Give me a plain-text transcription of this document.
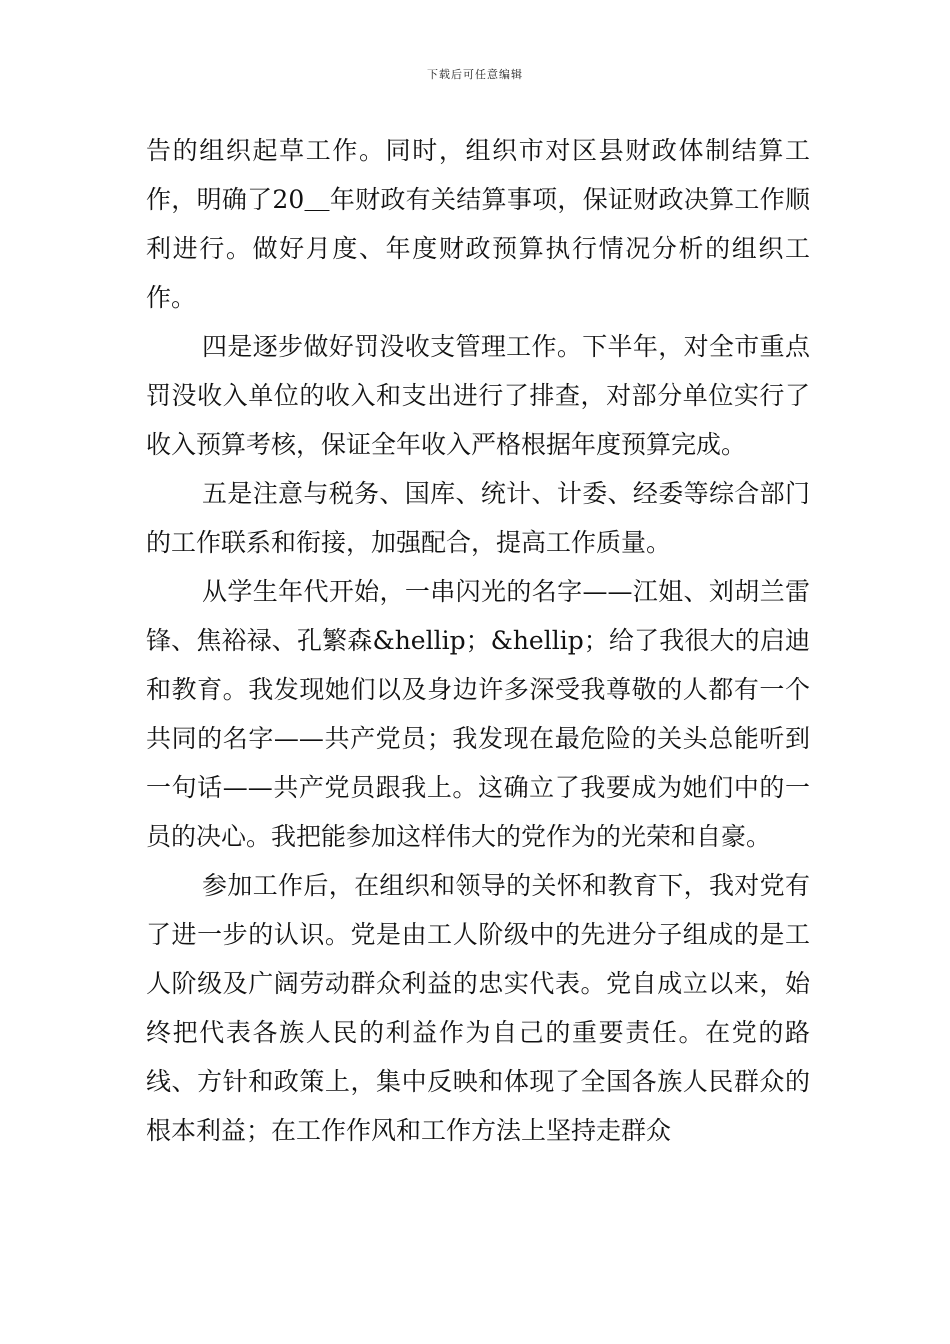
下载后可任意编辑

告的组织起草工作。同时，组织市对区县财政体制结算工作，明确了20＿年财政有关结算事项，保证财政决算工作顺利进行。做好月度、年度财政预算执行情况分析的组织工作。

四是逐步做好罚没收支管理工作。下半年，对全市重点罚没收入单位的收入和支出进行了排查，对部分单位实行了收入预算考核，保证全年收入严格根据年度预算完成。

五是注意与税务、国库、统计、计委、经委等综合部门的工作联系和衔接，加强配合，提高工作质量。

从学生年代开始，一串闪光的名字——江姐、刘胡兰雷锋、焦裕禄、孔繁森&hellip；&hellip；给了我很大的启迪和教育。我发现她们以及身边许多深受我尊敬的人都有一个共同的名字——共产党员；我发现在最危险的关头总能听到一句话——共产党员跟我上。这确立了我要成为她们中的一员的决心。我把能参加这样伟大的党作为的光荣和自豪。

参加工作后，在组织和领导的关怀和教育下，我对党有了进一步的认识。党是由工人阶级中的先进分子组成的是工人阶级及广阔劳动群众利益的忠实代表。党自成立以来，始终把代表各族人民的利益作为自己的重要责任。在党的路线、方针和政策上，集中反映和体现了全国各族人民群众的根本利益；在工作作风和工作方法上坚持走群众
